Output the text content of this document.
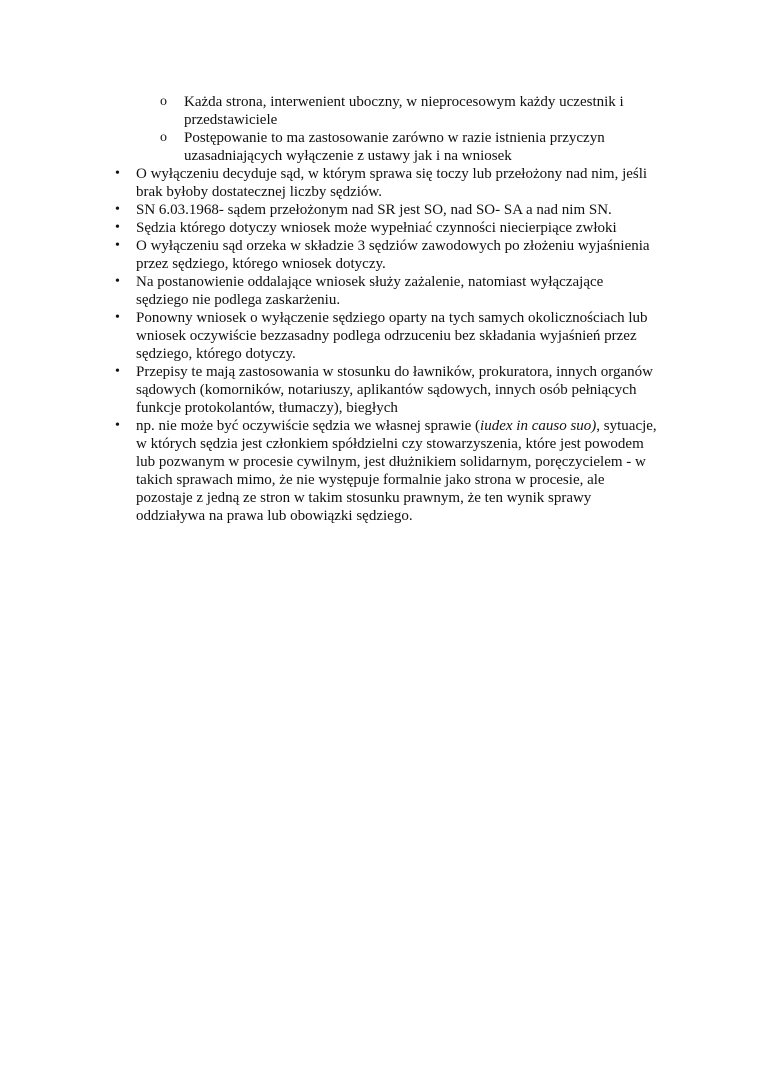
o Każda strona, interwenient uboczny, w nieprocesowym każdy uczestnik i
przedstawiciele
o Postępowanie to ma zastosowanie zarówno w razie istnienia przyczyn
uzasadniających wyłączenie z ustawy jak i na wniosek
• O wyłączeniu decyduje sąd, w którym sprawa się toczy lub przełożony nad nim, jeśli
brak byłoby dostatecznej liczby sędziów.
• SN 6.03.1968- sądem przełożonym nad SR jest SO, nad SO- SA a nad nim SN.
• Sędzia którego dotyczy wniosek może wypełniać czynności niecierpiące zwłoki
• O wyłączeniu sąd orzeka w składzie 3 sędziów zawodowych po złożeniu wyjaśnienia
przez sędziego, którego wniosek dotyczy.
• Na postanowienie oddalające wniosek służy zażalenie, natomiast wyłączające
sędziego nie podlega zaskarżeniu.
• Ponowny wniosek o wyłączenie sędziego oparty na tych samych okolicznościach lub
wniosek oczywiście bezzasadny podlega odrzuceniu bez składania wyjaśnień przez
sędziego, którego dotyczy.
• Przepisy te mają zastosowania w stosunku do ławników, prokuratora, innych organów
sądowych (komorników, notariuszy, aplikantów sądowych, innych osób pełniących
funkcje protokolantów, tłumaczy), biegłych
• np. nie może być oczywiście sędzia we własnej sprawie (iudex in causo suo), sytuacje,
w których sędzia jest członkiem spółdzielni czy stowarzyszenia, które jest powodem
lub pozwanym w procesie cywilnym, jest dłużnikiem solidarnym, poręczycielem - w
takich sprawach mimo, że nie występuje formalnie jako strona w procesie, ale
pozostaje z jedną ze stron w takim stosunku prawnym, że ten wynik sprawy
oddziaływa na prawa lub obowiązki sędziego.
